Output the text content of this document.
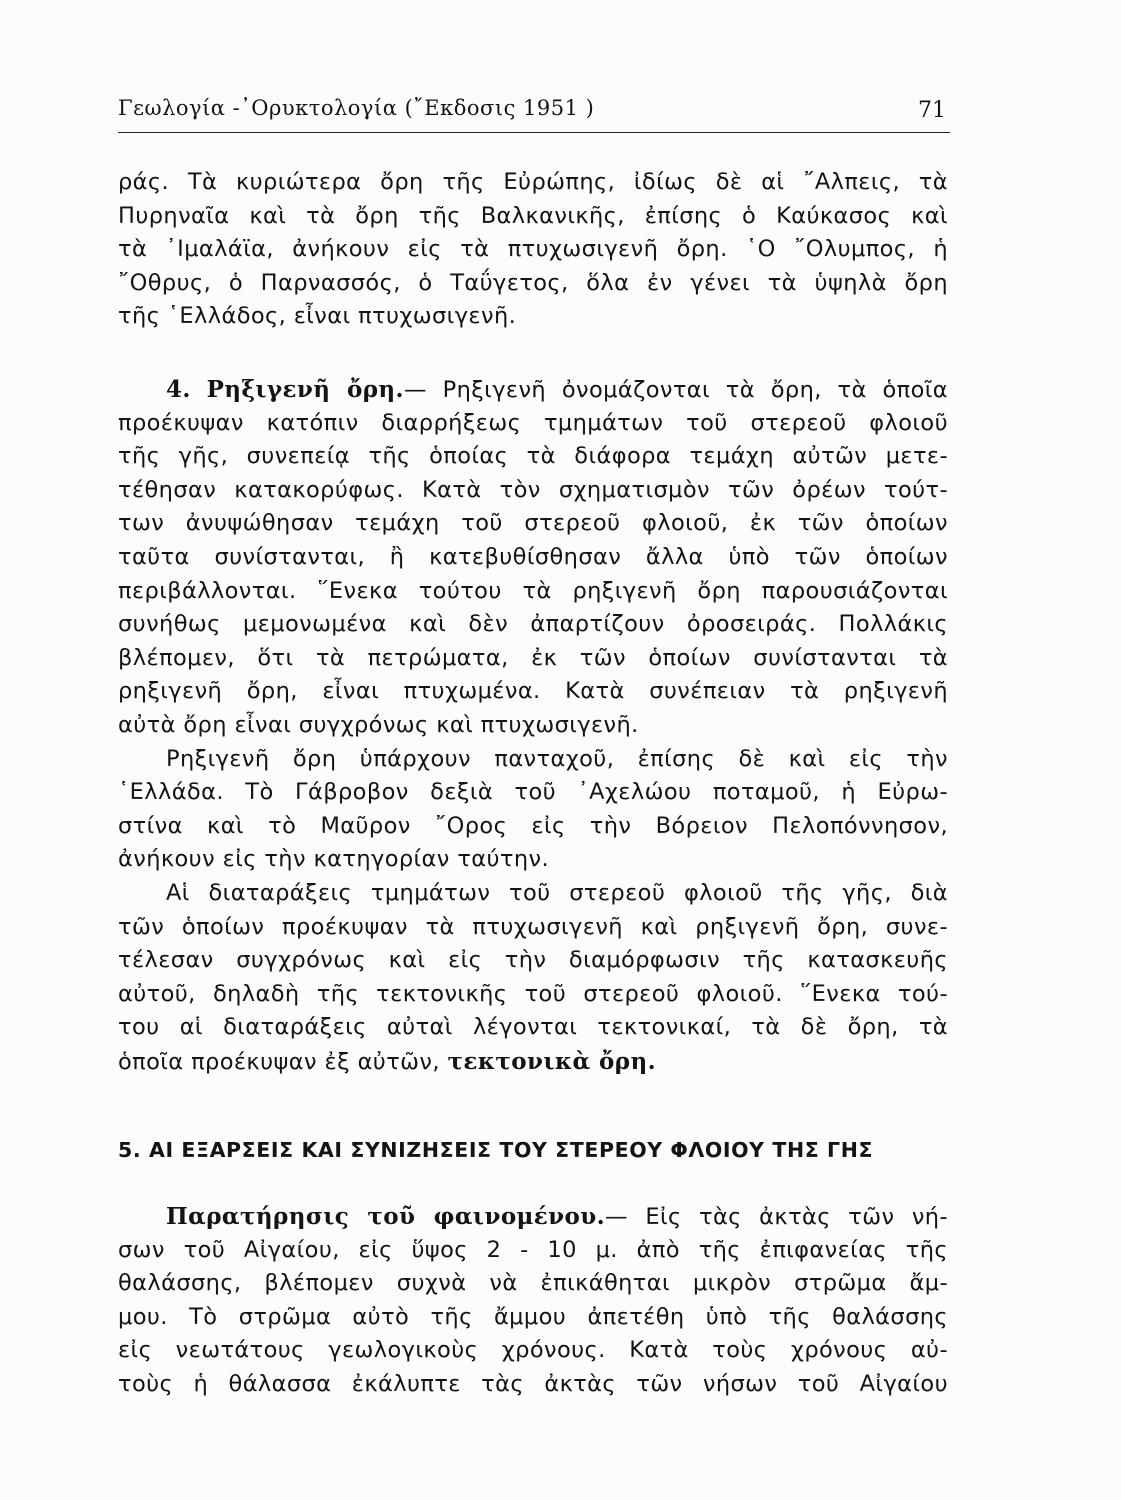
Γεωλογία -᾿Ορυκτολογία (῎Εκδοσις 1951 )	71
ράς. Τὰ κυριώτερα ὄρη τῆς Εὐρώπης, ἰδίως δὲ αἱ ῎Αλπεις, τὰ
Πυρηναῖα καὶ τὰ ὄρη τῆς Βαλκανικῆς, ἐπίσης ὁ Καύκασος καὶ
τὰ ᾿Ιμαλάϊα, ἀνήκουν εἰς τὰ πτυχωσιγενῆ ὄρη. ῾Ο ῎Ολυμπος, ἡ
῎Οθρυς, ὁ Παρνασσός, ὁ Ταΰγετος, ὅλα ἐν γένει τὰ ὑψηλὰ ὄρη
τῆς ῾Ελλάδος, εἶναι πτυχωσιγενῆ.
4. Ρηξιγενῆ ὄρη.— Ρηξιγενῆ ὀνομάζονται τὰ ὄρη, τὰ ὁποῖα
προέκυψαν κατόπιν διαρρήξεως τμημάτων τοῦ στερεοῦ φλοιοῦ
τῆς γῆς, συνεπείᾳ τῆς ὁποίας τὰ διάφορα τεμάχη αὐτῶν μετε-
τέθησαν κατακορύφως. Κατὰ τὸν σχηματισμὸν τῶν ὀρέων τούτ-
των ἀνυψώθησαν τεμάχη τοῦ στερεοῦ φλοιοῦ, ἐκ τῶν ὁποίων
ταῦτα συνίστανται, ἢ κατεβυθίσθησαν ἄλλα ὑπὸ τῶν ὁποίων
περιβάλλονται. ῞Ενεκα τούτου τὰ ρηξιγενῆ ὄρη παρουσιάζονται
συνήθως μεμονωμένα καὶ δὲν ἀπαρτίζουν ὀροσειράς. Πολλάκις
βλέπομεν, ὅτι τὰ πετρώματα, ἐκ τῶν ὁποίων συνίστανται τὰ
ρηξιγενῆ ὄρη, εἶναι πτυχωμένα. Κατὰ συνέπειαν τὰ ρηξιγενῆ
αὐτὰ ὄρη εἶναι συγχρόνως καὶ πτυχωσιγενῆ.
Ρηξιγενῆ ὄρη ὑπάρχουν πανταχοῦ, ἐπίσης δὲ καὶ εἰς τὴν
῾Ελλάδα. Τὸ Γάβροβον δεξιὰ τοῦ ᾿Αχελώου ποταμοῦ, ἡ Εὐρω-
στίνα καὶ τὸ Μαῦρον ῎Ορος εἰς τὴν Βόρειον Πελοπόννησον,
ἀνήκουν εἰς τὴν κατηγορίαν ταύτην.
Αἱ διαταράξεις τμημάτων τοῦ στερεοῦ φλοιοῦ τῆς γῆς, διὰ
τῶν ὁποίων προέκυψαν τὰ πτυχωσιγενῆ καὶ ρηξιγενῆ ὄρη, συνε-
τέλεσαν συγχρόνως καὶ εἰς τὴν διαμόρφωσιν τῆς κατασκευῆς
αὐτοῦ, δηλαδὴ τῆς τεκτονικῆς τοῦ στερεοῦ φλοιοῦ. ῞Ενεκα τού-
του αἱ διαταράξεις αὐταὶ λέγονται τεκτονικαί, τὰ δὲ ὄρη, τὰ
ὁποῖα προέκυψαν ἐξ αὐτῶν, τεκτονικὰ ὄρη.
5. ΑΙ ΕΞΑΡΣΕΙΣ ΚΑΙ ΣΥΝΙΖΗΣΕΙΣ ΤΟΥ ΣΤΕΡΕΟΥ ΦΛΟΙΟΥ ΤΗΣ ΓΗΣ
Παρατήρησις τοῦ φαινομένου.— Εἰς τὰς ἀκτὰς τῶν νή-
σων τοῦ Αἰγαίου, εἰς ὕψος 2 - 10 μ. ἀπὸ τῆς ἐπιφανείας τῆς
θαλάσσης, βλέπομεν συχνὰ νὰ ἐπικάθηται μικρὸν στρῶμα ἄμ-
μου. Τὸ στρῶμα αὐτὸ τῆς ἄμμου ἀπετέθη ὑπὸ τῆς θαλάσσης
εἰς νεωτάτους γεωλογικοὺς χρόνους. Κατὰ τοὺς χρόνους αὐ-
τοὺς ἡ θάλασσα ἐκάλυπτε τὰς ἀκτὰς τῶν νήσων τοῦ Αἰγαίου
